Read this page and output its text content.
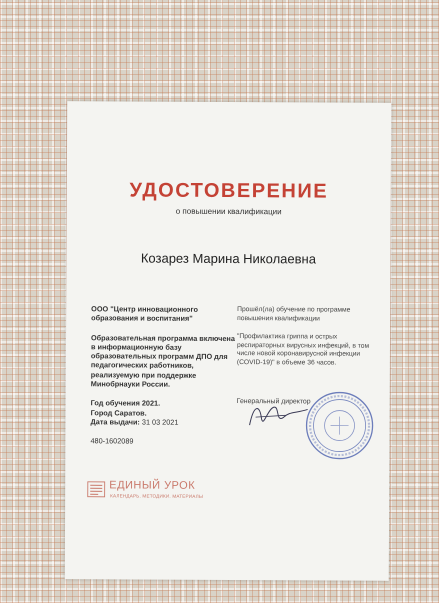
УДОСТОВЕРЕНИЕ
о повышении квалификации
Козарез Марина Николаевна
ООО "Центр инновационного образования и воспитания"
Образовательная программа включена в информационную базу образовательных программ ДПО для педагогических работников, реализуемую при поддержке Минобрнауки России.
Год обучения 2021.
Город Саратов.
Дата выдачи: 31 03 2021
480-1602089
Прошёл(ла) обучение по программе повышения квалификации
"Профилактика гриппа и острых респираторных вирусных инфекций, в том числе новой коронавирусной инфекции (COVID-19)" в объеме 36 часов.
Генеральный директор
ЕДИНЫЙ УРОК
КАЛЕНДАРЬ. МЕТОДИКИ. МАТЕРИАЛЫ
